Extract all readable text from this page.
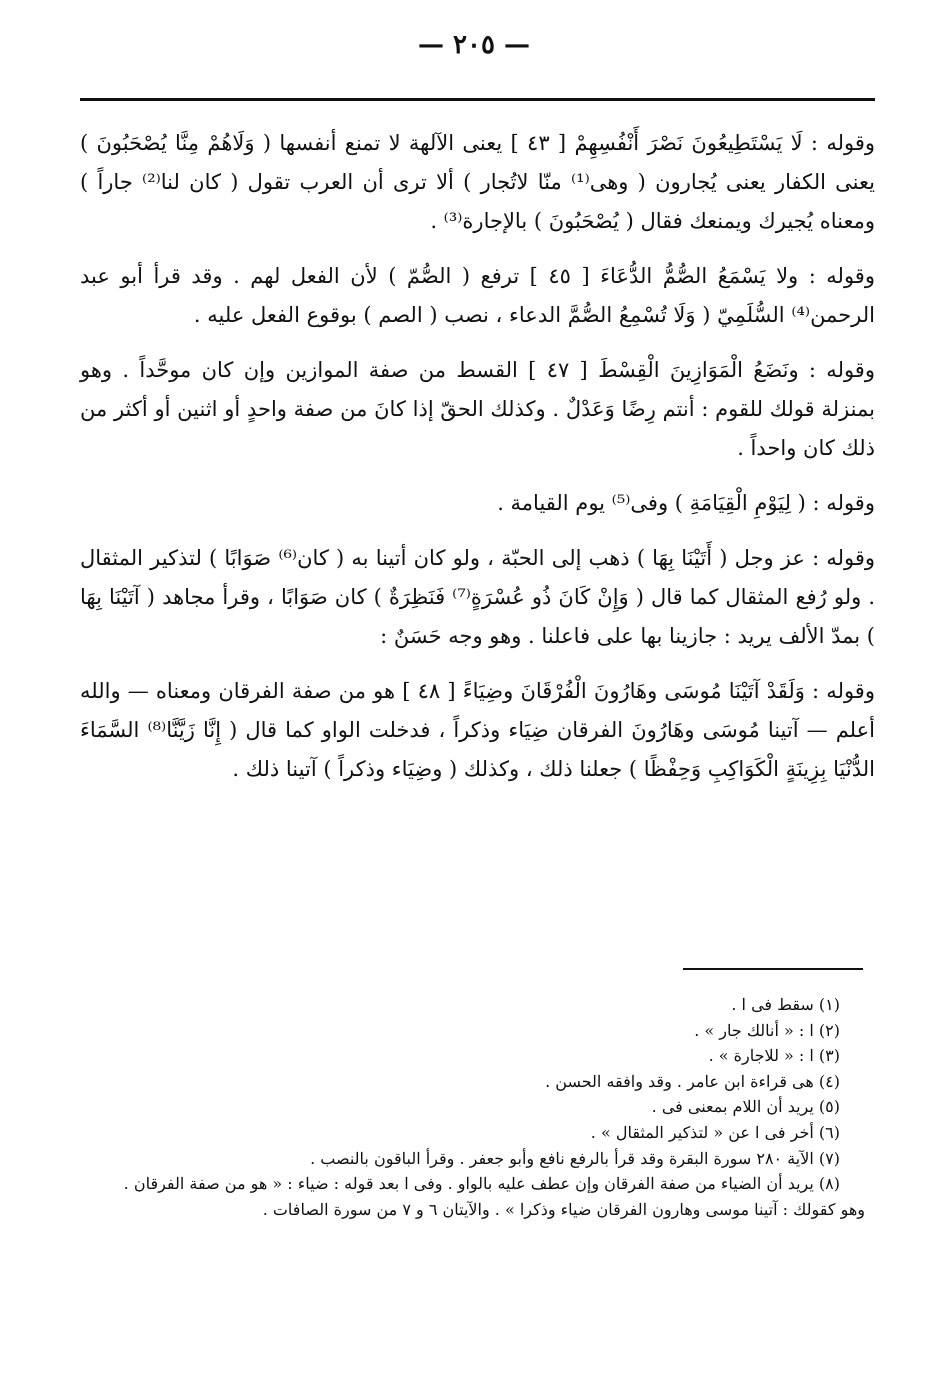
— ٢٠٥ —

وقوله : لَا يَسْتَطِيعُونَ نَصْرَ أَنْفُسِهِمْ [ ٤٣ ] يعنى الآلهة لا تمنع أنفسها ( وَلَاهُمْ مِنَّا يُصْحَبُونَ ) يعنى الكفار يعنى يُجارون ( وهى⁽¹⁾ منّا لاتُجار ) ألا ترى أن العرب تقول ( كان لنا⁽²⁾ جاراً ) ومعناه يُجيرك ويمنعك فقال ( يُصْحَبُونَ ) بالإجارة⁽³⁾ .

وقوله : ولا يَسْمَعُ الصُّمُّ الدُّعَاءَ [ ٤٥ ] ترفع ( الصُّمّ ) لأن الفعل لهم . وقد قرأ أبو عبد الرحمن⁽⁴⁾ السُّلَمِيّ ( وَلَا تُسْمِعُ الصُّمَّ الدعاء ، نصب ( الصم ) بوقوع الفعل عليه .

وقوله : ونَضَعُ الْمَوَازِينَ الْقِسْطَ [ ٤٧ ] القسط من صفة الموازين وإن كان موحَّداً . وهو بمنزلة قولك للقوم : أنتم رِضًا وَعَدْلٌ . وكذلك الحقّ إذا كانَ من صفة واحدٍ أو اثنين أو أكثر من ذلك كان واحداً .

وقوله : ( لِيَوْمِ الْقِيَامَةِ ) وفى⁽⁵⁾ يوم القيامة .

وقوله : عز وجل ( أَتَيْنَا بِهَا ) ذهب إلى الحبّة ، ولو كان أتينا به ( كان⁽⁶⁾ صَوَابًا ) لتذكير المثقال . ولو رُفع المثقال كما قال ( وَإِنْ كَانَ ذُو عُسْرَةٍ⁽⁷⁾ فَنَظِرَةٌ ) كان صَوَابًا ، وقرأ مجاهد ( آتَيْنَا بِهَا ) بمدّ الألف يريد : جازينا بها على فاعلنا . وهو وجه حَسَنٌ :

وقوله : وَلَقَدْ آتَيْنَا مُوسَى وهَارُونَ الْفُرْقَانَ وضِيَاءً [ ٤٨ ] هو من صفة الفرقان ومعناه — والله أعلم — آتينا مُوسَى وهَارُونَ الفرقان ضِيَاء وذكراً ، فدخلت الواو كما قال ( إِنَّا زَيَّنَّا⁽⁸⁾ السَّمَاءَ الدُّنْيَا بِزِينَةٍ الْكَوَاكِبِ وَحِفْظًا ) جعلنا ذلك ، وكذلك ( وضِيَاء وذكراً ) آتينا ذلك .

(١) سقط فى ا .

(٢) ا : « أنالك جار » .

(٣) ا : « للاجارة » .

(٤) هى قراءة ابن عامر . وقد وافقه الحسن .

(٥) يريد أن اللام بمعنى فى .

(٦) أخر فى ا عن « لتذكير المثقال » .

(٧) الآية ٢٨٠ سورة البقرة وقد قرأ بالرفع نافع وأبو جعفر . وقرأ الباقون بالنصب .

(٨) يريد أن الضياء من صفة الفرقان وإن عطف عليه بالواو . وفى ا بعد قوله : ضياء : « هو من صفة الفرقان .

وهو كقولك : آتينا موسى وهارون الفرقان ضياء وذكرا » . والآيتان ٦ و ٧ من سورة الصافات .
